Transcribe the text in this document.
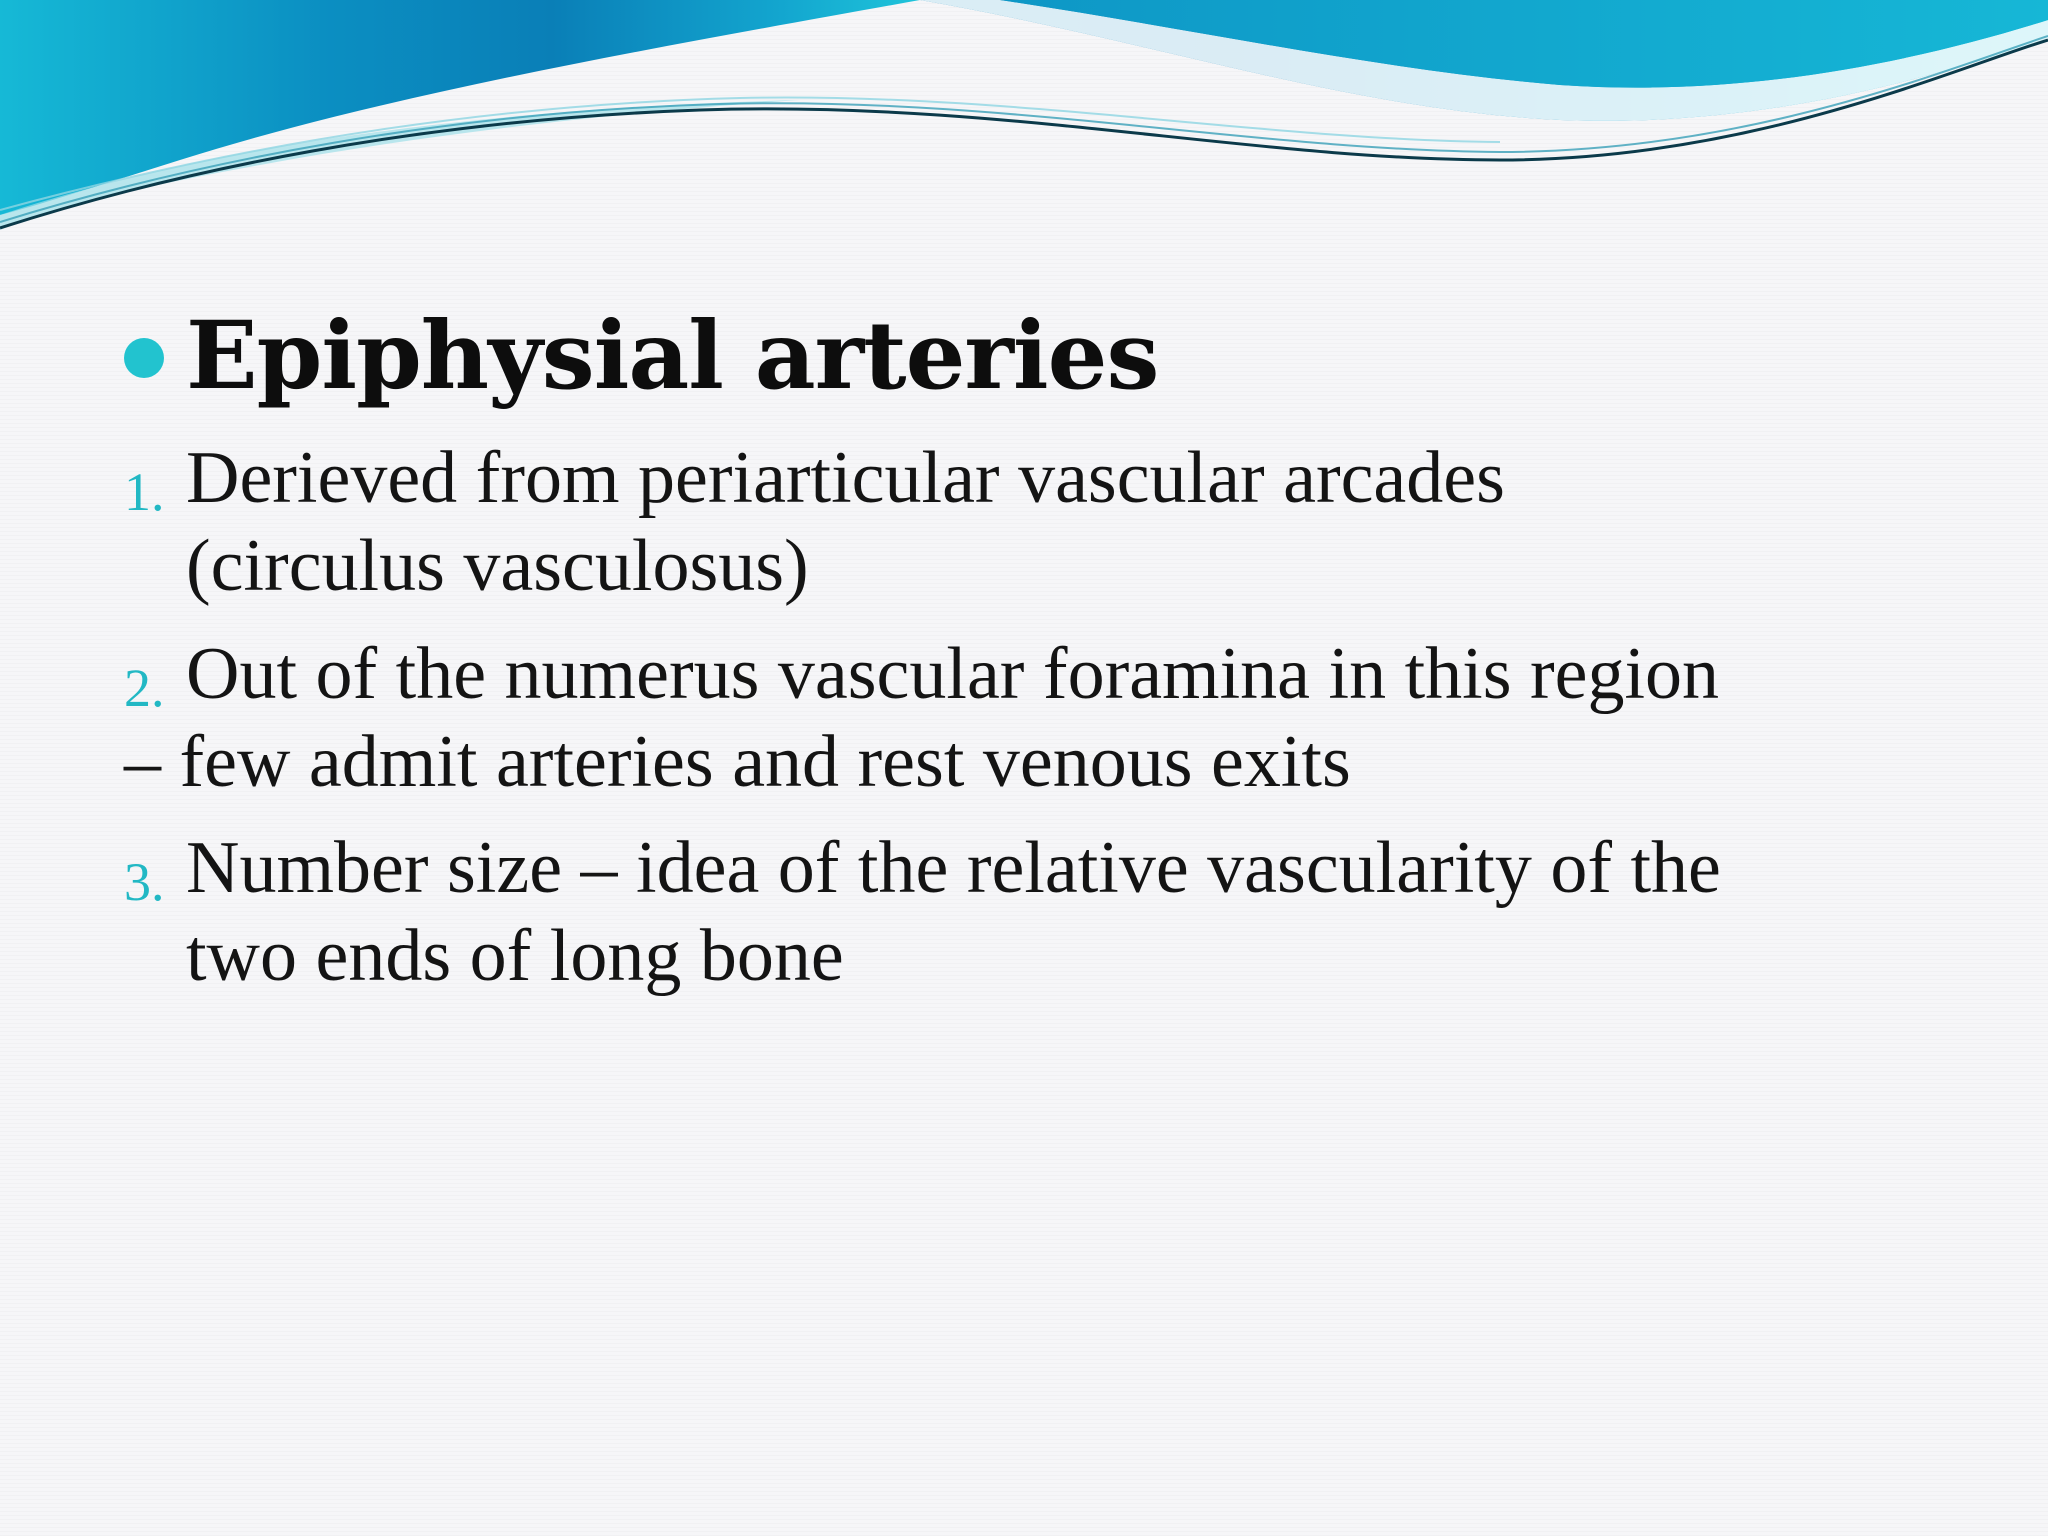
Epiphysial arteries
1. Derieved from periarticular vascular arcades
(circulus vasculosus)
2. Out of the numerus vascular foramina in this region
– few admit arteries and rest venous exits
3. Number size – idea of the relative vascularity of the
two ends of long bone
